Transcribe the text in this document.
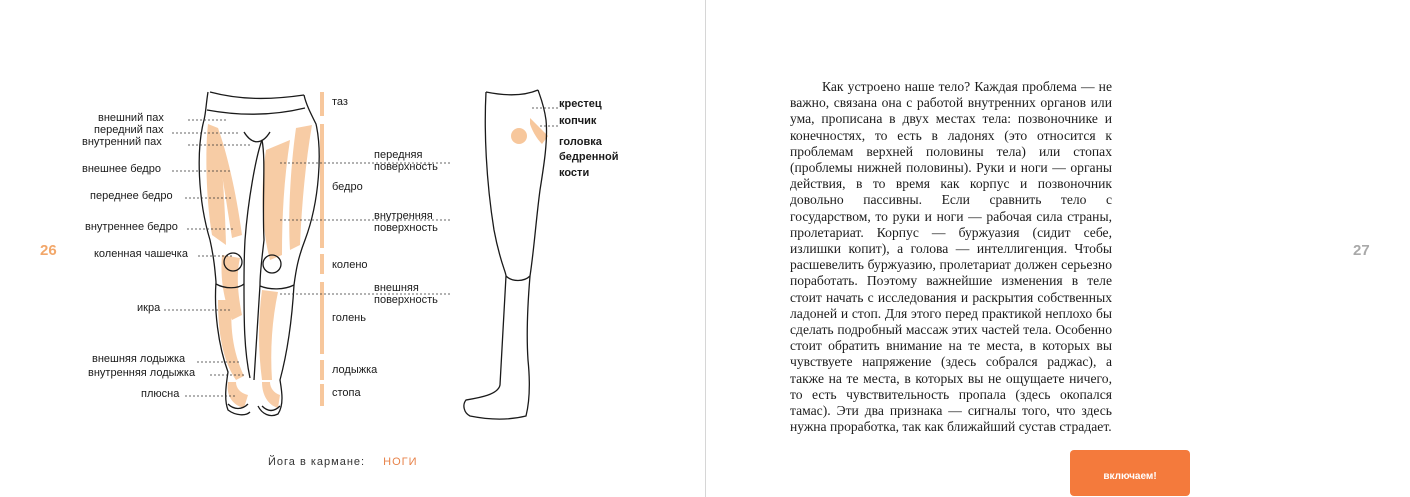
26
внешний пах
передний пах
внутренний пах
внешнее бедро
переднее бедро
внутреннее бедро
коленная чашечка
икра
внешняя лодыжка
внутренняя лодыжка
плюсна
таз
бедро
колено
голень
лодыжка
стопа
передняя
поверхность
внутренняя
поверхность
внешняя
поверхность
крестец
копчик
головка
бедренной
кости
Йога в кармане: НОГИ

Как устроено наше тело? Каждая проблема — не важно, связана она с работой внутренних органов или ума, прописана в двух местах тела: позвоночнике и конечностях, то есть в ладонях (это относится к проблемам верхней половины тела) или стопах (проблемы нижней половины). Руки и ноги — органы действия, в то время как корпус и позвоночник довольно пассивны. Если сравнить тело с государством, то руки и ноги — рабочая сила страны, пролетариат. Корпус — буржуазия (сидит себе, излишки копит), а голова — интеллигенция. Чтобы расшевелить буржуазию, пролетариат должен серьезно поработать. Поэтому важнейшие изменения в теле стоит начать с исследования и раскрытия собственных ладоней и стоп. Для этого перед практикой неплохо бы сделать подробный массаж этих частей тела. Особенно стоит обратить внимание на те места, в которых вы чувствуете напряжение (здесь собрался раджас), а также на те места, в которых вы не ощущаете ничего, то есть чувствительность пропала (здесь окопался тамас). Эти два признака — сигналы того, что здесь нужна проработка, так как ближайший сустав страдает.

27
включаем!
